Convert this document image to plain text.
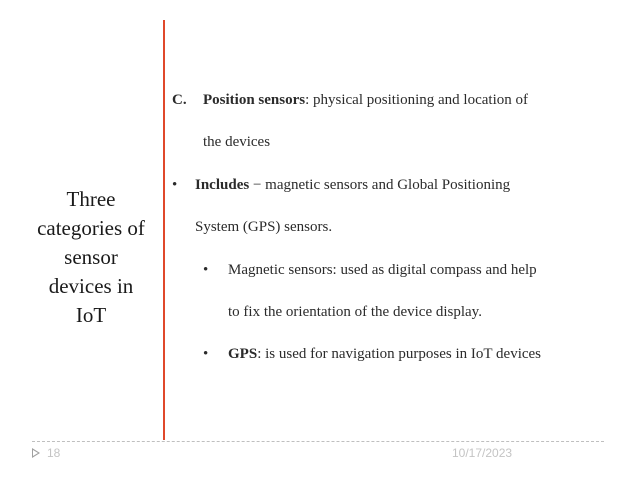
Three
categories of
sensor
devices in
IoT
C. Position sensors: physical positioning and location of
the devices
• Includes − magnetic sensors and Global Positioning
System (GPS) sensors.
• Magnetic sensors: used as digital compass and help
to fix the orientation of the device display.
• GPS: is used for navigation purposes in IoT devices
18	10/17/2023
